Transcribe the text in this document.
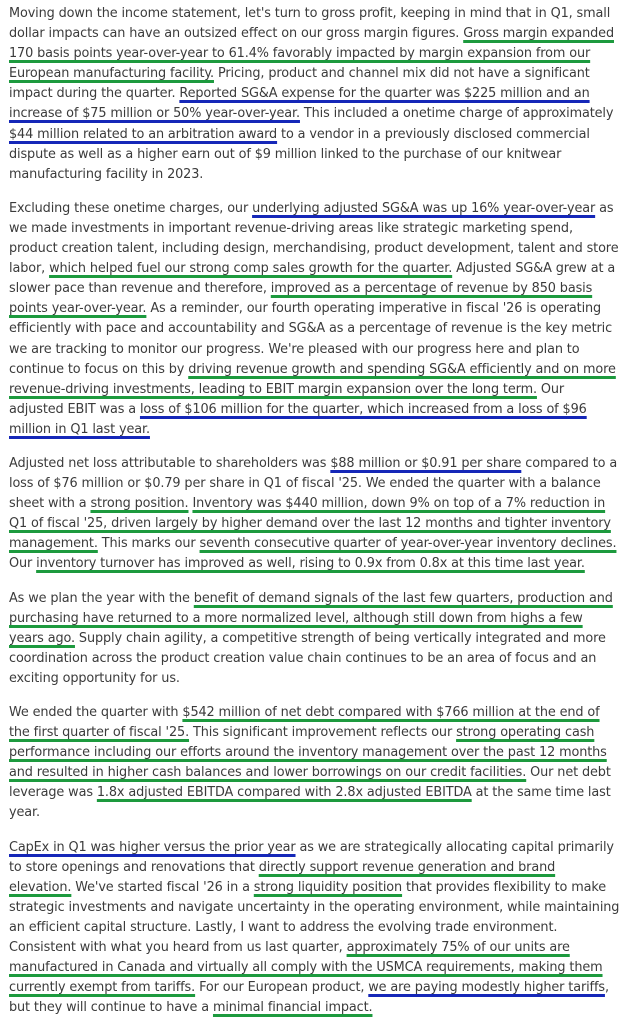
Moving down the income statement, let's turn to gross profit, keeping in mind that in Q1, small dollar impacts can have an outsized effect on our gross margin figures. Gross margin expanded 170 basis points year-over-year to 61.4% favorably impacted by margin expansion from our European manufacturing facility. Pricing, product and channel mix did not have a significant impact during the quarter. Reported SG&A expense for the quarter was $225 million and an increase of $75 million or 50% year-over-year. This included a onetime charge of approximately $44 million related to an arbitration award to a vendor in a previously disclosed commercial dispute as well as a higher earn out of $9 million linked to the purchase of our knitwear manufacturing facility in 2023.

Excluding these onetime charges, our underlying adjusted SG&A was up 16% year-over-year as we made investments in important revenue-driving areas like strategic marketing spend, product creation talent, including design, merchandising, product development, talent and store labor, which helped fuel our strong comp sales growth for the quarter. Adjusted SG&A grew at a slower pace than revenue and therefore, improved as a percentage of revenue by 850 basis points year-over-year. As a reminder, our fourth operating imperative in fiscal '26 is operating efficiently with pace and accountability and SG&A as a percentage of revenue is the key metric we are tracking to monitor our progress. We're pleased with our progress here and plan to continue to focus on this by driving revenue growth and spending SG&A efficiently and on more revenue-driving investments, leading to EBIT margin expansion over the long term. Our adjusted EBIT was a loss of $106 million for the quarter, which increased from a loss of $96 million in Q1 last year.

Adjusted net loss attributable to shareholders was $88 million or $0.91 per share compared to a loss of $76 million or $0.79 per share in Q1 of fiscal '25. We ended the quarter with a balance sheet with a strong position. Inventory was $440 million, down 9% on top of a 7% reduction in Q1 of fiscal '25, driven largely by higher demand over the last 12 months and tighter inventory management. This marks our seventh consecutive quarter of year-over-year inventory declines. Our inventory turnover has improved as well, rising to 0.9x from 0.8x at this time last year.

As we plan the year with the benefit of demand signals of the last few quarters, production and purchasing have returned to a more normalized level, although still down from highs a few years ago. Supply chain agility, a competitive strength of being vertically integrated and more coordination across the product creation value chain continues to be an area of focus and an exciting opportunity for us.

We ended the quarter with $542 million of net debt compared with $766 million at the end of the first quarter of fiscal '25. This significant improvement reflects our strong operating cash performance including our efforts around the inventory management over the past 12 months and resulted in higher cash balances and lower borrowings on our credit facilities. Our net debt leverage was 1.8x adjusted EBITDA compared with 2.8x adjusted EBITDA at the same time last year.

CapEx in Q1 was higher versus the prior year as we are strategically allocating capital primarily to store openings and renovations that directly support revenue generation and brand elevation. We've started fiscal '26 in a strong liquidity position that provides flexibility to make strategic investments and navigate uncertainty in the operating environment, while maintaining an efficient capital structure. Lastly, I want to address the evolving trade environment. Consistent with what you heard from us last quarter, approximately 75% of our units are manufactured in Canada and virtually all comply with the USMCA requirements, making them currently exempt from tariffs. For our European product, we are paying modestly higher tariffs, but they will continue to have a minimal financial impact.
